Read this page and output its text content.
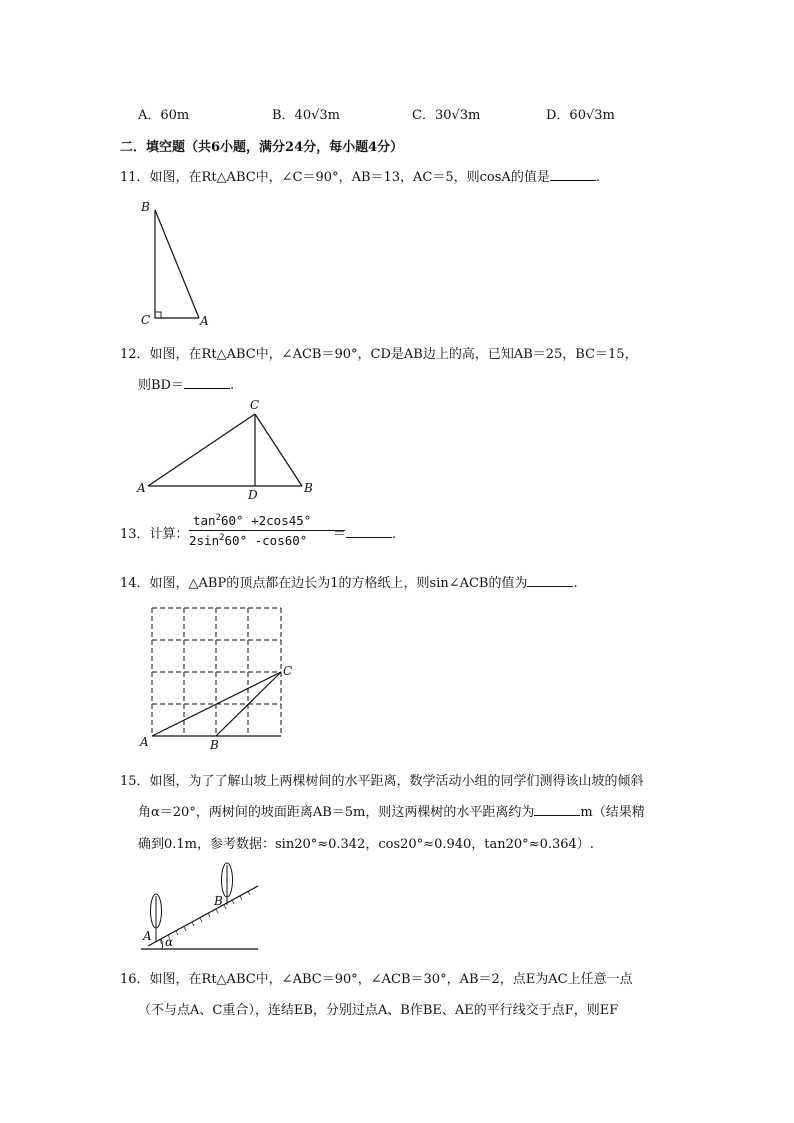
A．60m	B．40√3m	C．30√3m	D．60√3m
二．填空题（共6小题，满分24分，每小题4分）
11．如图，在Rt△ABC中，∠C＝90°，AB＝13，AC＝5，则cosA的值是	.
B
C	A
12．如图，在Rt△ABC中，∠ACB＝90°，CD是AB边上的高，已知AB＝25，BC＝15，
则BD＝	.
C
A	D	B
13．计算：
$\tan^260^\circ +2\cos 45^\circ$
$2\sin^260^\circ$ -cos60°	＝	.
14．如图，△ABP的顶点都在边长为1的方格纸上，则sin∠ACB的值为	.
C
A	B
15．如图，为了了解山坡上两棵树间的水平距离，数学活动小组的同学们测得该山坡的倾斜
角α＝20°，两树间的坡面距离AB＝5m，则这两棵树的水平距离约为	m（结果精
确到0.1m，参考数据：sin20°≈0.342，cos20°≈0.940，tan20°≈0.364）.
A
B
α
16．如图，在Rt△ABC中，∠ABC＝90°，∠ACB＝30°，AB＝2，点E为AC上任意一点
（不与点A、C重合），连结EB，分别过点A、B作BE、AE的平行线交于点F，则EF
